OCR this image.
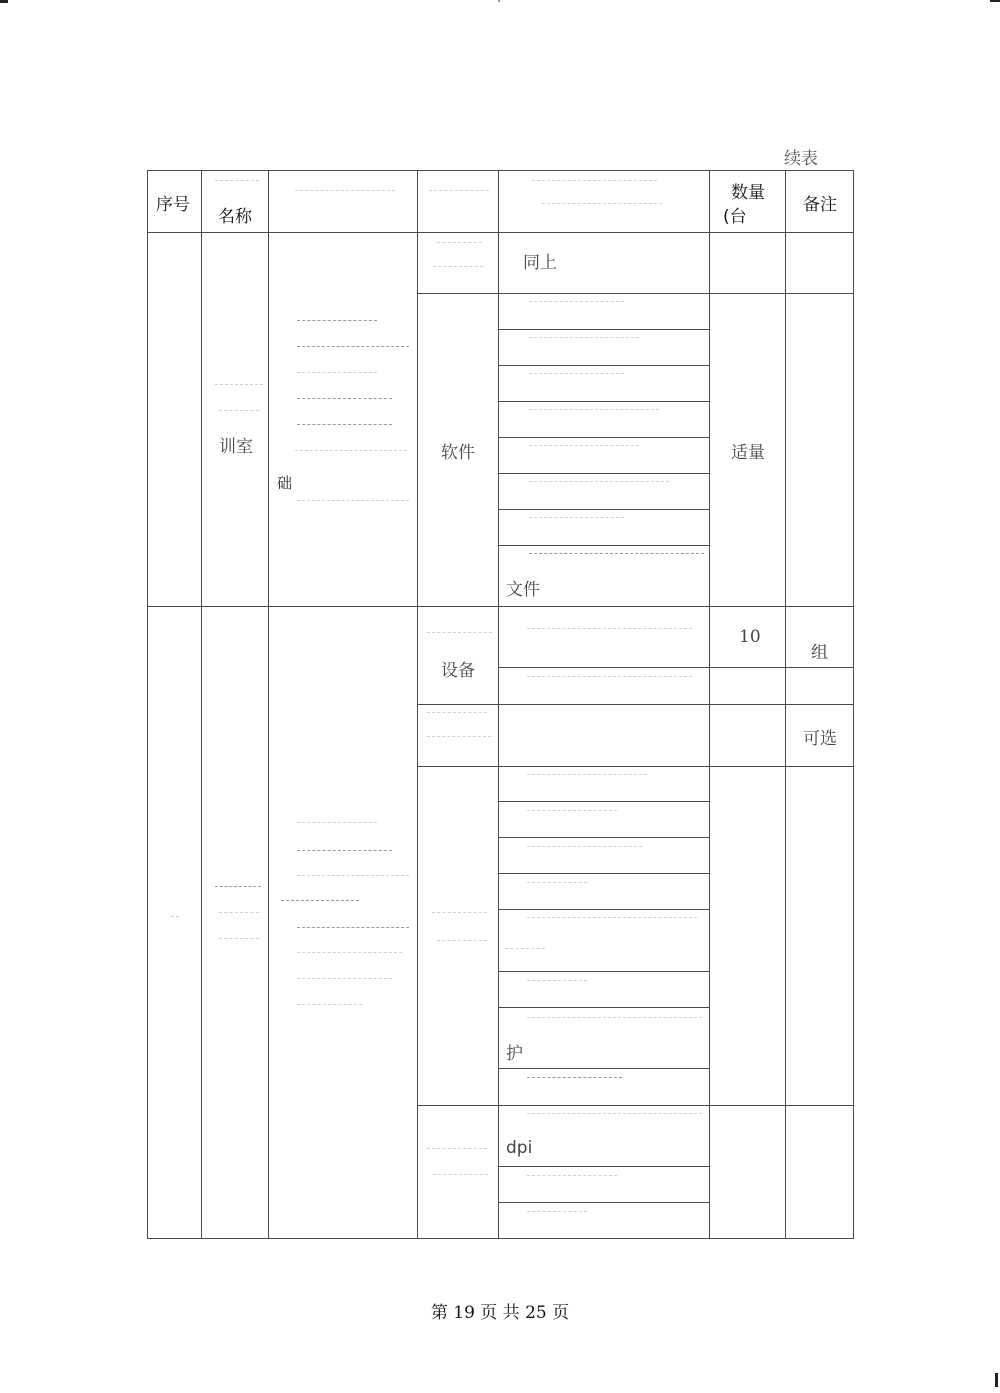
续表
序号
名称
数量
(台
备注
训室
础
同上
软件	适量
文件
设备
10
组
可选
护
dpi
第 19 页 共 25 页
